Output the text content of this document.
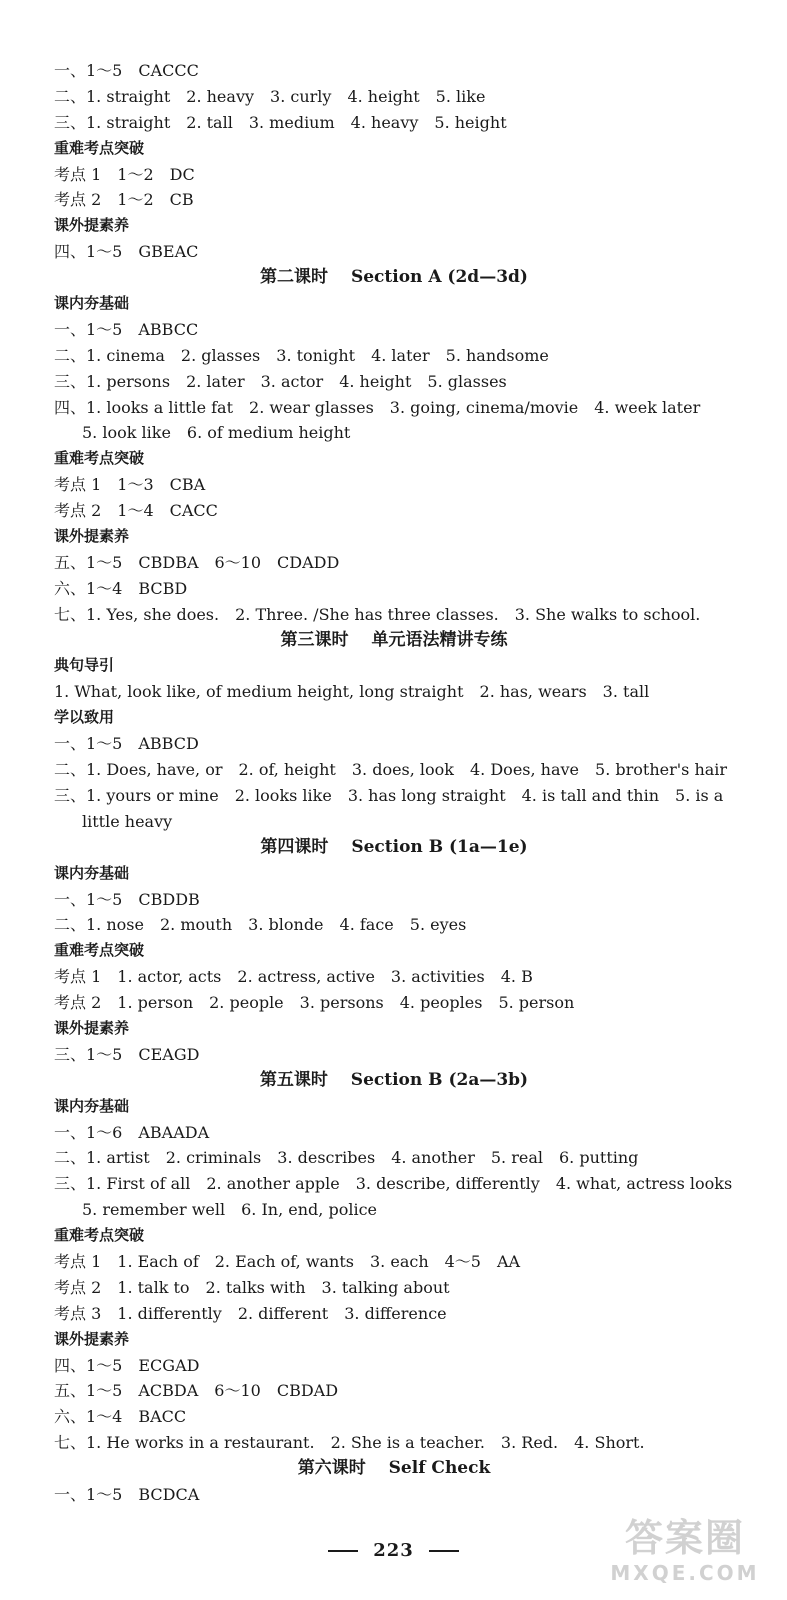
一、1～5　CACCC
二、1. straight　2. heavy　3. curly　4. height　5. like
三、1. straight　2. tall　3. medium　4. heavy　5. height
重难考点突破
考点 1　1～2　DC
考点 2　1～2　CB
课外提素养
四、1～5　GBEAC
第二课时　 Section A (2d—3d)
课内夯基础
一、1～5　ABBCC
二、1. cinema　2. glasses　3. tonight　4. later　5. handsome
三、1. persons　2. later　3. actor　4. height　5. glasses
四、1. looks a little fat　2. wear glasses　3. going, cinema/movie　4. week later
5. look like　6. of medium height
重难考点突破
考点 1　1～3　CBA
考点 2　1～4　CACC
课外提素养
五、1～5　CBDBA　6～10　CDADD
六、1～4　BCBD
七、1. Yes, she does.　2. Three. /She has three classes.　3. She walks to school.
第三课时　 单元语法精讲专练
典句导引
1. What, look like, of medium height, long straight　2. has, wears　3. tall
学以致用
一、1～5　ABBCD
二、1. Does, have, or　2. of, height　3. does, look　4. Does, have　5. brother's hair
三、1. yours or mine　2. looks like　3. has long straight　4. is tall and thin　5. is a
little heavy
第四课时　 Section B (1a—1e)
课内夯基础
一、1～5　CBDDB
二、1. nose　2. mouth　3. blonde　4. face　5. eyes
重难考点突破
考点 1　1. actor, acts　2. actress, active　3. activities　4. B
考点 2　1. person　2. people　3. persons　4. peoples　5. person
课外提素养
三、1～5　CEAGD
第五课时　 Section B (2a—3b)
课内夯基础
一、1～6　ABAADA
二、1. artist　2. criminals　3. describes　4. another　5. real　6. putting
三、1. First of all　2. another apple　3. describe, differently　4. what, actress looks
5. remember well　6. In, end, police
重难考点突破
考点 1　1. Each of　2. Each of, wants　3. each　4～5　AA
考点 2　1. talk to　2. talks with　3. talking about
考点 3　1. differently　2. different　3. difference
课外提素养
四、1～5　ECGAD
五、1～5　ACBDA　6～10　CBDAD
六、1～4　BACC
七、1. He works in a restaurant.　2. She is a teacher.　3. Red.　4. Short.
第六课时　 Self Check
一、1～5　BCDCA
223	答案圈
MXQE.COM
